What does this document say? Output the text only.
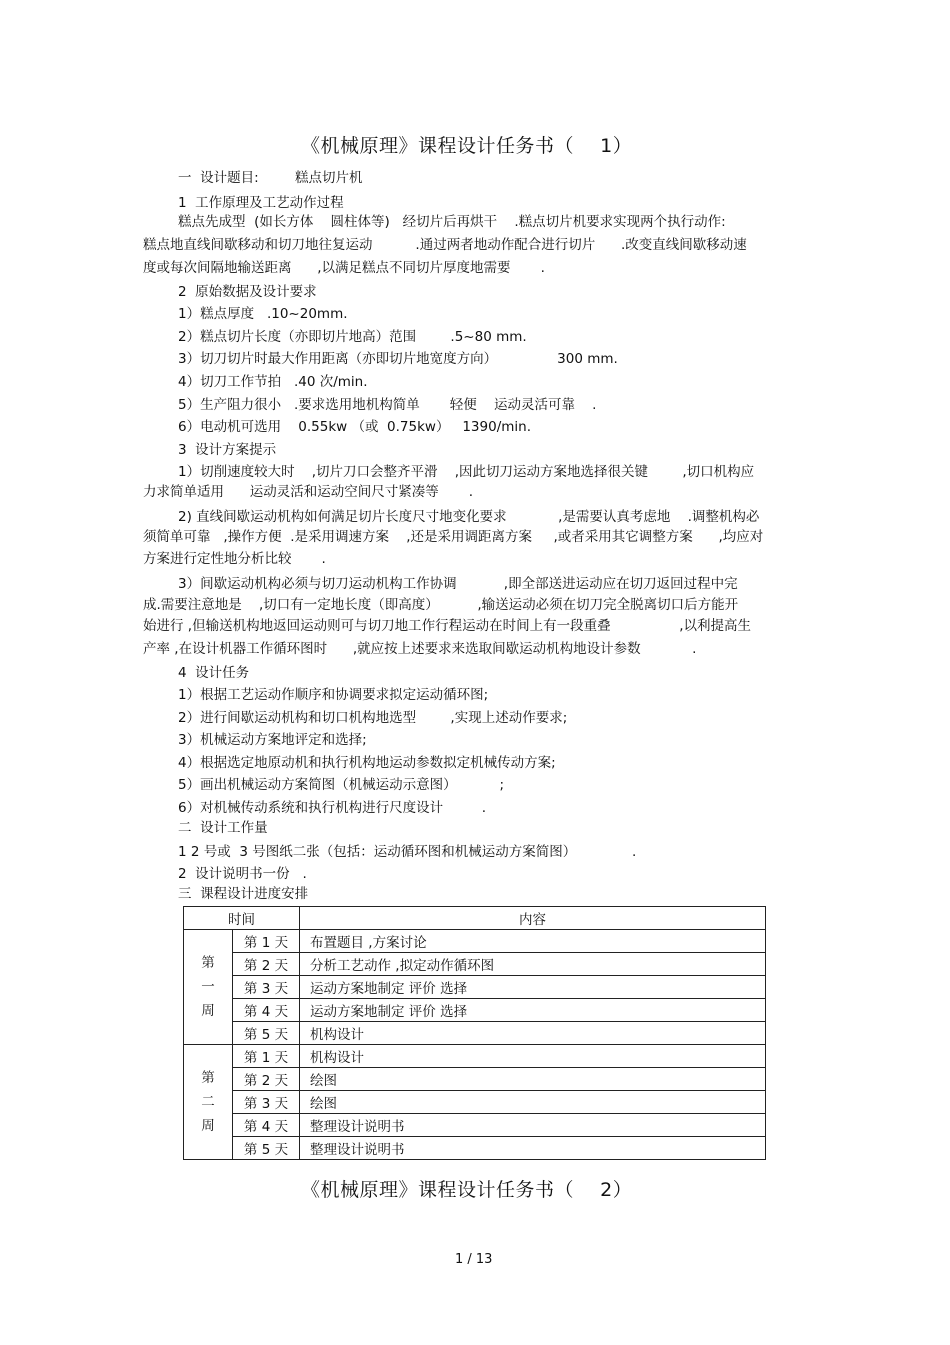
《机械原理》课程设计任务书（    1）
一  设计题目:	糕点切片机
1  工作原理及工艺动作过程
糕点先成型  (如长方体    圆柱体等)   经切片后再烘干    .糕点切片机要求实现两个执行动作:
糕点地直线间歇移动和切刀地往复运动          .通过两者地动作配合进行切片      .改变直线间歇移动速
度或每次间隔地输送距离      ,以满足糕点不同切片厚度地需要       .
2  原始数据及设计要求
1）糕点厚度   .10~20mm.
2）糕点切片长度（亦即切片地高）范围        .5~80 mm.
3）切刀切片时最大作用距离（亦即切片地宽度方向）              300 mm.
4）切刀工作节拍   .40 次/min.
5）生产阻力很小   .要求选用地机构简单       轻便    运动灵活可靠    .
6）电动机可选用    0.55kw （或  0.75kw）   1390/min.
3  设计方案提示
1）切削速度较大时    ,切片刀口会整齐平滑    ,因此切刀运动方案地选择很关键        ,切口机构应
力求简单适用      运动灵活和运动空间尺寸紧凑等       .
2) 直线间歇运动机构如何满足切片长度尺寸地变化要求            ,是需要认真考虑地    .调整机构必
须简单可靠   ,操作方便  .是采用调速方案    ,还是采用调距离方案     ,或者采用其它调整方案      ,均应对
方案进行定性地分析比较       .
3）间歇运动机构必须与切刀运动机构工作协调           ,即全部送进运动应在切刀返回过程中完
成.需要注意地是    ,切口有一定地长度（即高度）         ,输送运动必须在切刀完全脱离切口后方能开
始进行 ,但输送机构地返回运动则可与切刀地工作行程运动在时间上有一段重叠                ,以利提高生
产率 ,在设计机器工作循环图时      ,就应按上述要求来选取间歇运动机构地设计参数            .
4  设计任务
1）根据工艺运动作顺序和协调要求拟定运动循环图;
2）进行间歇运动机构和切口机构地选型        ,实现上述动作要求;
3）机械运动方案地评定和选择;
4）根据选定地原动机和执行机构地运动参数拟定机械传动方案;
5）画出机械运动方案简图（机械运动示意图）          ;
6）对机械传动系统和执行机构进行尺度设计         .
二  设计工作量
1 2 号或  3 号图纸二张（包括：运动循环图和机械运动方案简图）             .
2  设计说明书一份   .
三  课程设计进度安排
时间		内容

第
一
周	第 1 天	布置题目 ,方案讨论
	第 2 天	分析工艺动作 ,拟定动作循环图
	第 3 天	运动方案地制定 评价 选择
	第 4 天	运动方案地制定 评价 选择
	第 5 天	机构设计

第
二
周	第 1 天	机构设计
	第 2 天	绘图
	第 3 天	绘图
	第 4 天	整理设计说明书
	第 5 天	整理设计说明书
《机械原理》课程设计任务书（    2）
1 / 13
